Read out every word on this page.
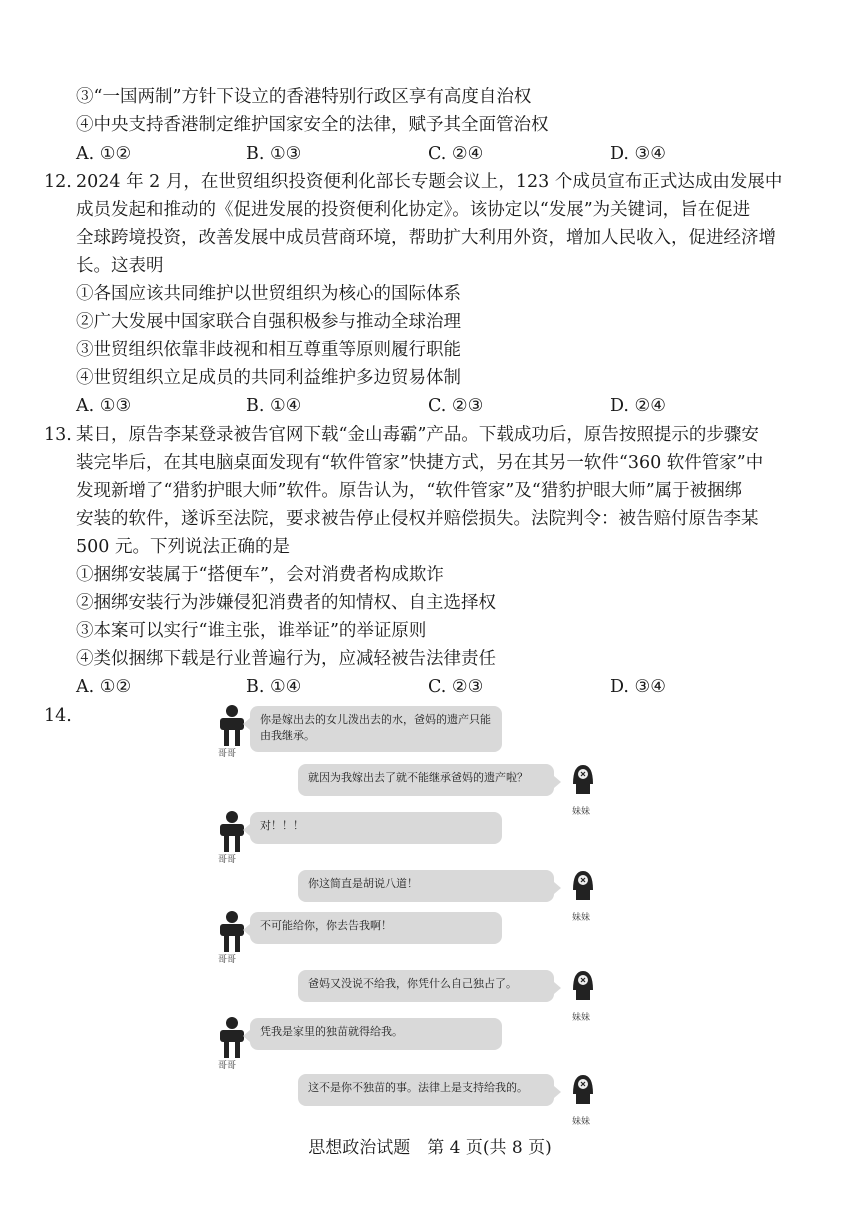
③“一国两制”方针下设立的香港特别行政区享有高度自治权
④中央支持香港制定维护国家安全的法律，赋予其全面管治权
A. ①②	B. ①③	C. ②④	D. ③④
12. 2024 年 2 月，在世贸组织投资便利化部长专题会议上，123 个成员宣布正式达成由发展中
成员发起和推动的《促进发展的投资便利化协定》。该协定以“发展”为关键词，旨在促进
全球跨境投资，改善发展中成员营商环境，帮助扩大利用外资，增加人民收入，促进经济增
长。这表明
①各国应该共同维护以世贸组织为核心的国际体系
②广大发展中国家联合自强积极参与推动全球治理
③世贸组织依靠非歧视和相互尊重等原则履行职能
④世贸组织立足成员的共同利益维护多边贸易体制
A. ①③	B. ①④	C. ②③	D. ②④
13. 某日，原告李某登录被告官网下载“金山毒霸”产品。下载成功后，原告按照提示的步骤安
装完毕后，在其电脑桌面发现有“软件管家”快捷方式，另在其另一软件“360 软件管家”中
发现新增了“猎豹护眼大师”软件。原告认为，“软件管家”及“猎豹护眼大师”属于被捆绑
安装的软件，遂诉至法院，要求被告停止侵权并赔偿损失。法院判令：被告赔付原告李某
500 元。下列说法正确的是
①捆绑安装属于“搭便车”，会对消费者构成欺诈
②捆绑安装行为涉嫌侵犯消费者的知情权、自主选择权
③本案可以实行“谁主张，谁举证”的举证原则
④类似捆绑下载是行业普遍行为，应减轻被告法律责任
A. ①②	B. ①④	C. ②③	D. ③④
14.
哥哥
你是嫁出去的女儿泼出去的水，爸妈的遗产只能由我继承。
妹妹
就因为我嫁出去了就不能继承爸妈的遗产啦？
哥哥
对！！！
妹妹
你这简直是胡说八道！
哥哥
不可能给你，你去告我啊！
妹妹
爸妈又没说不给我，你凭什么自己独占了。
哥哥
凭我是家里的独苗就得给我。
妹妹
这不是你不独苗的事。法律上是支持给我的。
思想政治试题　第 4 页(共 8 页)
